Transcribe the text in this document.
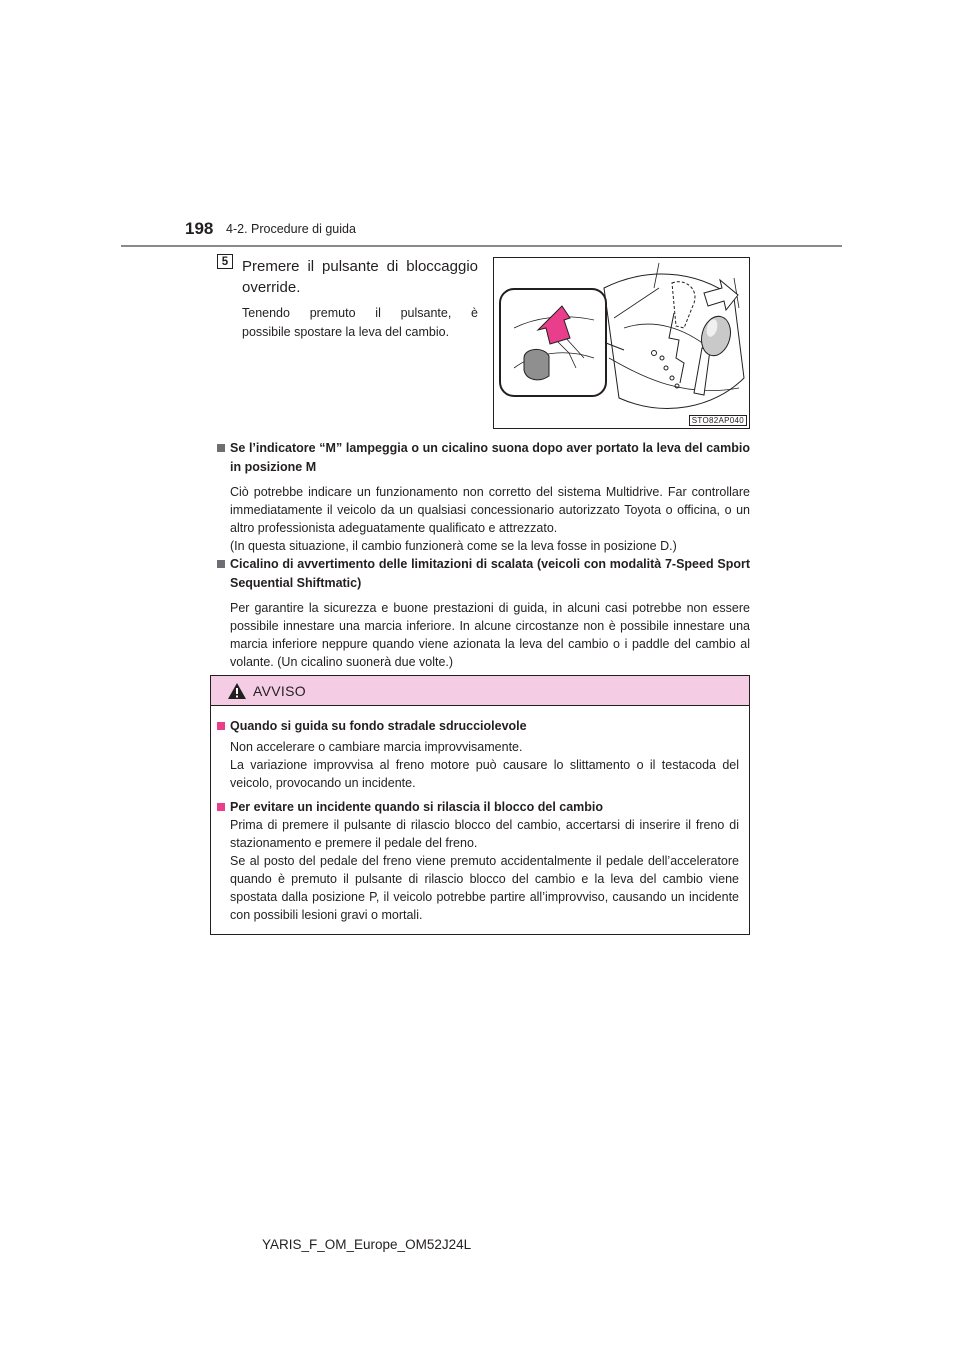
198 4-2. Procedure di guida
5 Premere il pulsante di bloccaggio
override.
Tenendo premuto il pulsante, è
possibile spostare la leva del cambio.
STO82AP040
Se l’indicatore “M” lampeggia o un cicalino suona dopo aver portato la leva del cambio in posizione M
Ciò potrebbe indicare un funzionamento non corretto del sistema Multidrive. Far controllare immediatamente il veicolo da un qualsiasi concessionario autorizzato Toyota o officina, o un altro professionista adeguatamente qualificato e attrezzato.
(In questa situazione, il cambio funzionerà come se la leva fosse in posizione D.)
Cicalino di avvertimento delle limitazioni di scalata (veicoli con modalità 7-Speed Sport Sequential Shiftmatic)
Per garantire la sicurezza e buone prestazioni di guida, in alcuni casi potrebbe non essere possibile innestare una marcia inferiore. In alcune circostanze non è possibile innestare una marcia inferiore neppure quando viene azionata la leva del cambio o i paddle del cambio al volante. (Un cicalino suonerà due volte.)
AVVISO
Quando si guida su fondo stradale sdrucciolevole
Non accelerare o cambiare marcia improvvisamente.
La variazione improvvisa al freno motore può causare lo slittamento o il testacoda del veicolo, provocando un incidente.
Per evitare un incidente quando si rilascia il blocco del cambio
Prima di premere il pulsante di rilascio blocco del cambio, accertarsi di inserire il freno di stazionamento e premere il pedale del freno.
Se al posto del pedale del freno viene premuto accidentalmente il pedale dell’acceleratore quando è premuto il pulsante di rilascio blocco del cambio e la leva del cambio viene spostata dalla posizione P, il veicolo potrebbe partire all’improvviso, causando un incidente con possibili lesioni gravi o mortali.
YARIS_F_OM_Europe_OM52J24L
